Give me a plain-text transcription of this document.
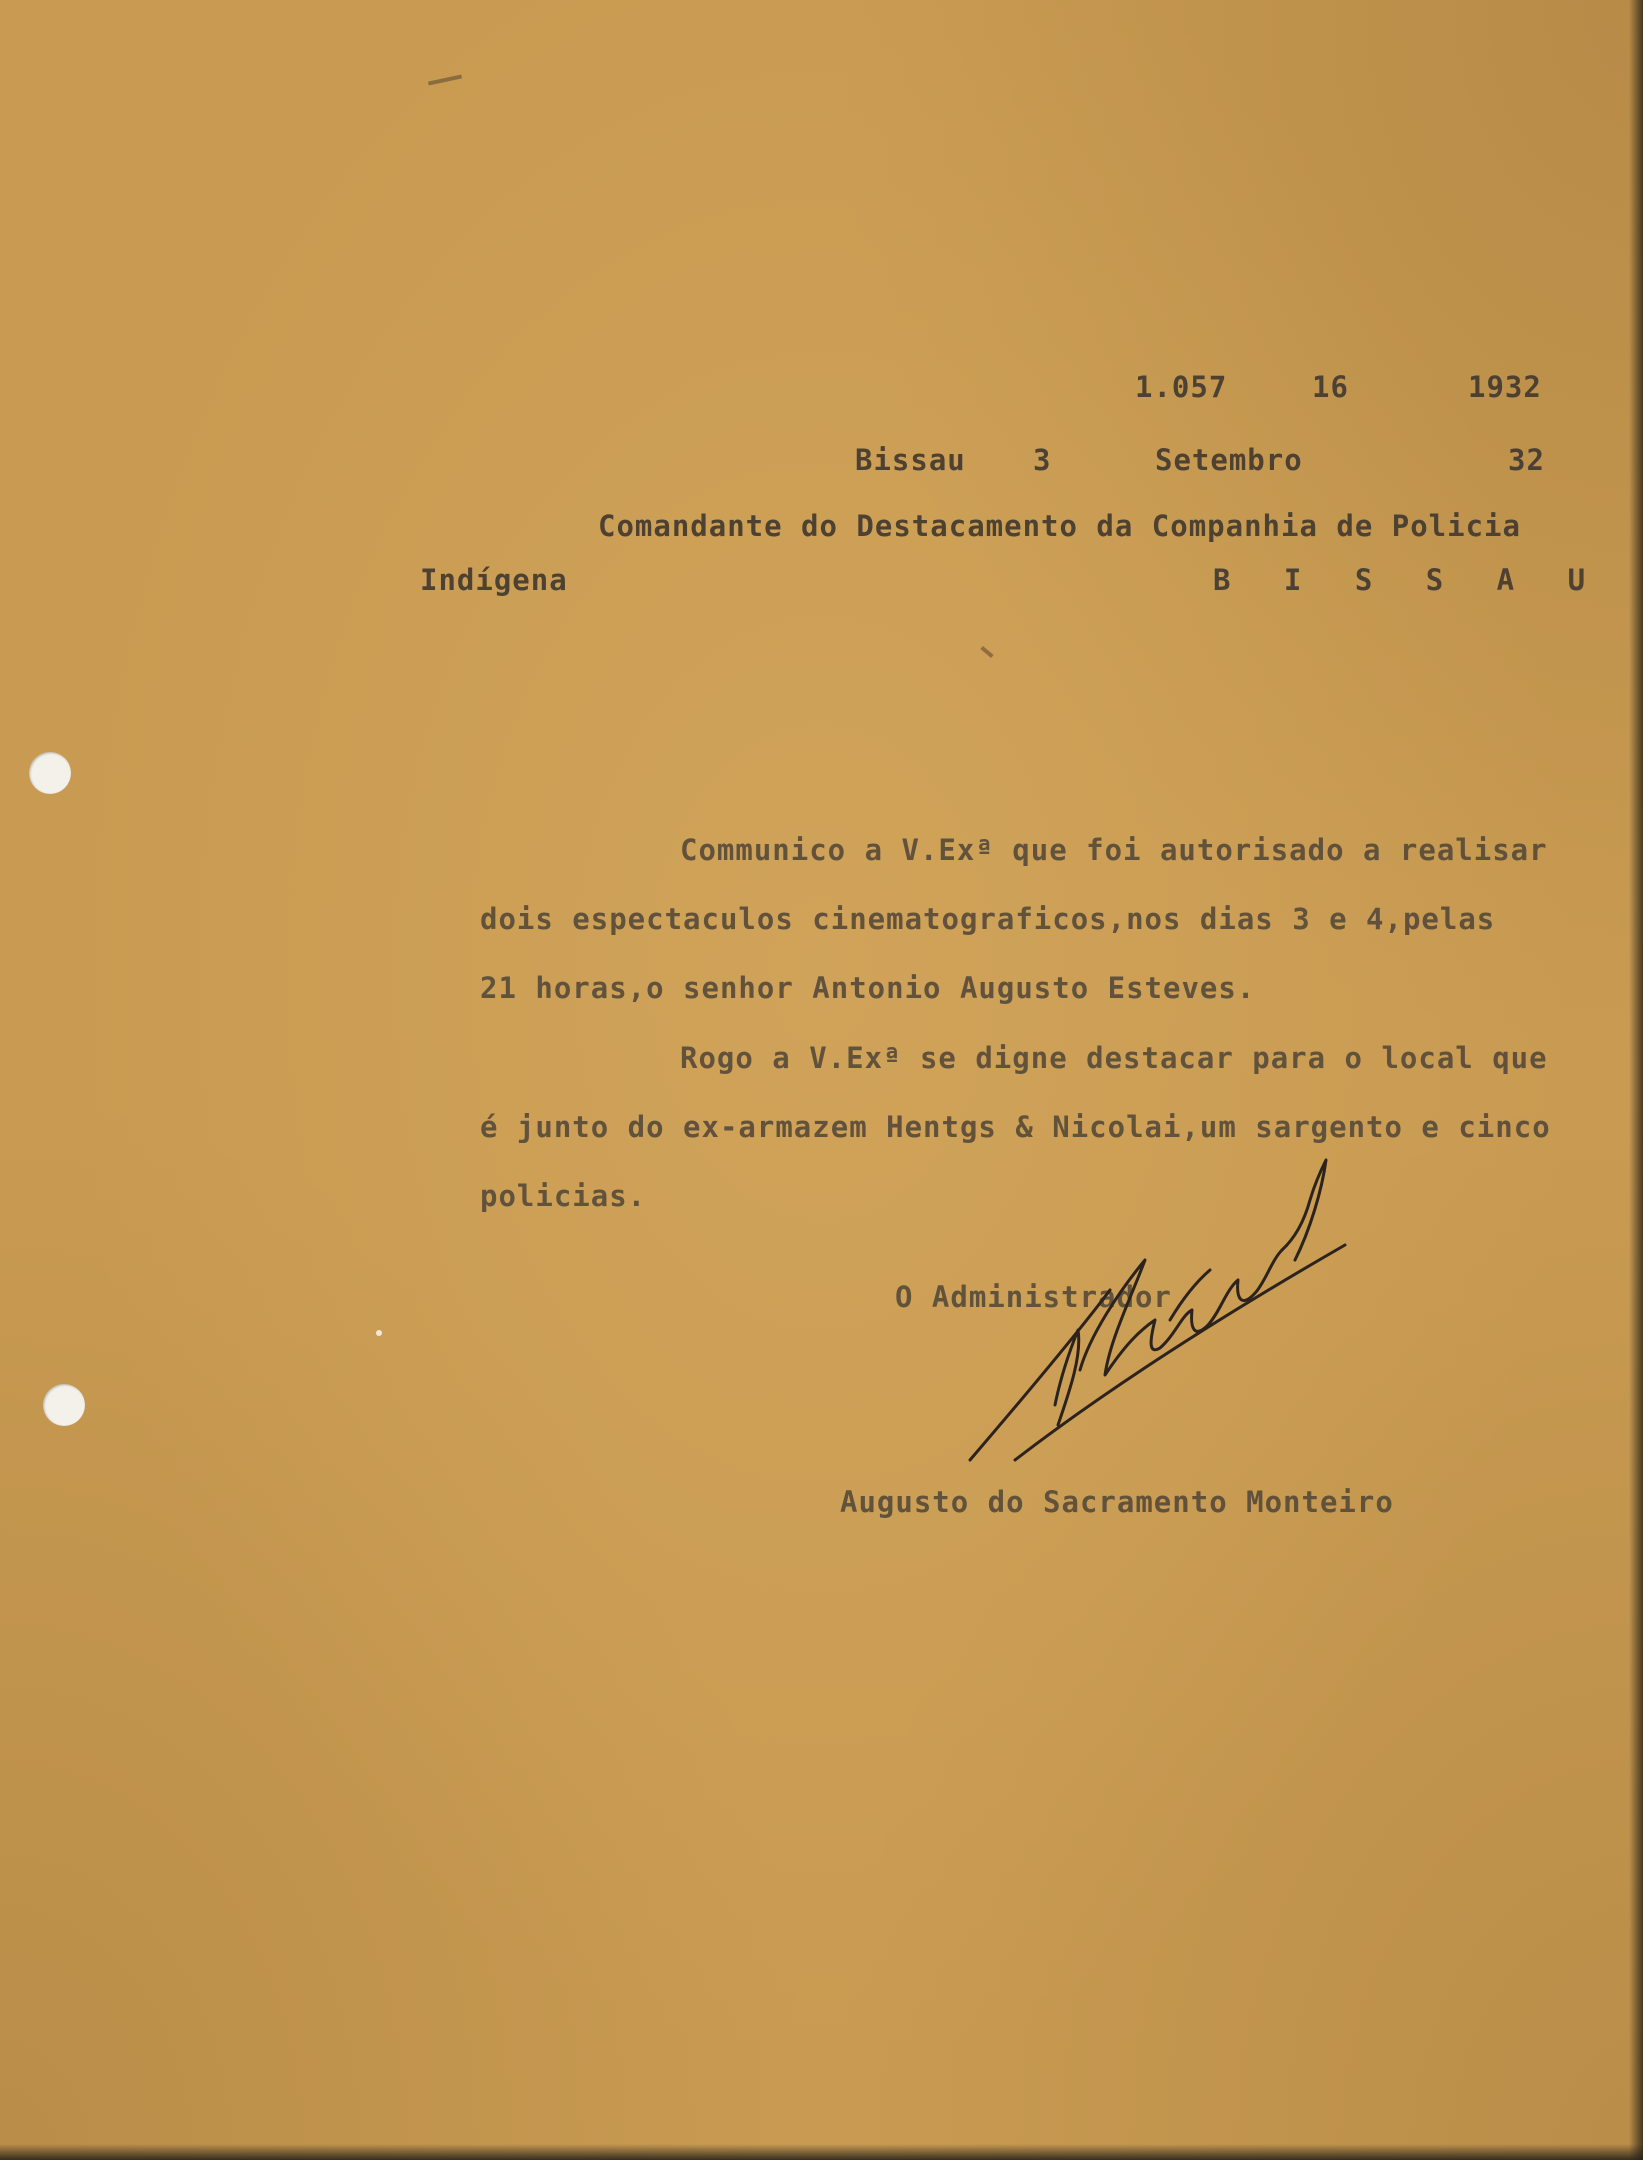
1.057	16	1932
Bissau 3	Setembro	32
Comandante do Destacamento da Companhia de Policia
Indígena	B I S S A U
Communico a V.Exª que foi autorisado a realisar
dois espectaculos cinematograficos,nos dias 3 e 4,pelas
21 horas,o senhor Antonio Augusto Esteves.
Rogo a V.Exª se digne destacar para o local que
é junto do ex-armazem Hentgs & Nicolai,um sargento e cinco
policias.
O Administrador
Augusto do Sacramento Monteiro
